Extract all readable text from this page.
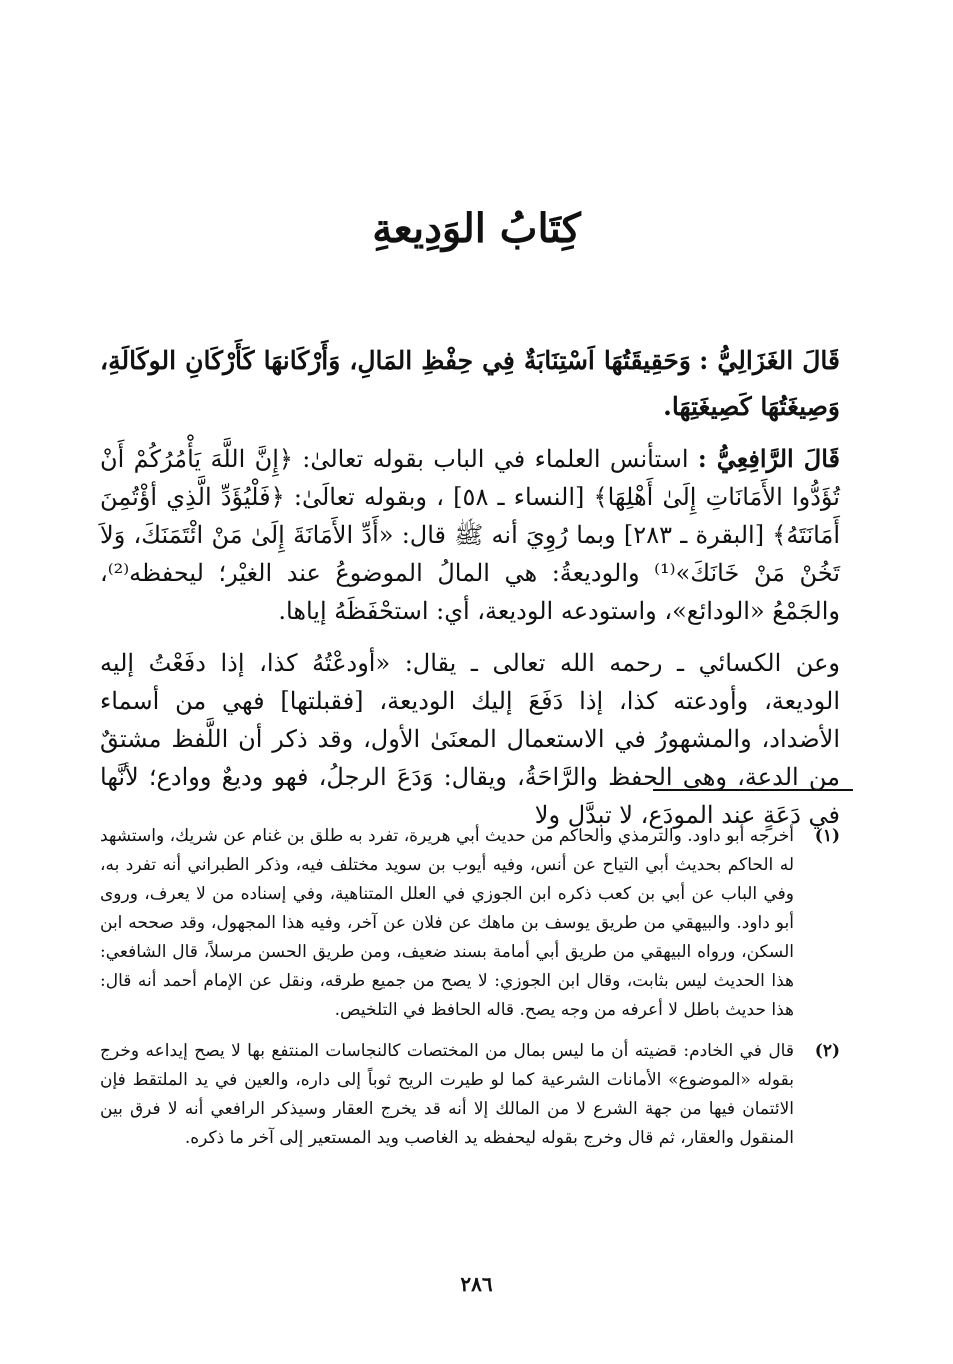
كِتَابُ الوَدِيعةِ

قَالَ الغَزَالِيُّ : وَحَقِيقَتُهَا اَسْتِنَابَةٌ فِي حِفْظِ المَالِ، وَأَرْكَانهَا كَأَرْكَانِ الوكَالَةِ، وَصِيغَتُهَا كَصِيغَتِهَا.

قَالَ الرَّافِعِيُّ : استأنس العلماء في الباب بقوله تعالىٰ: ﴿إِنَّ اللَّهَ يَأْمُرُكُمْ أَنْ تُؤَدُّوا الأَمَانَاتِ إِلَىٰ أَهْلِهَا﴾ [النساء ـ ٥٨] ، وبقوله تعالَىٰ: ﴿فَلْيُؤَدِّ الَّذِي أؤْتُمِنَ أَمَانَتَهُ﴾ [البقرة ـ ٢٨٣] وبما رُوِيَ أنه ﷺ قال: «أَدِّ الأَمَانَةَ إِلَىٰ مَنْ ائْتَمَنَكَ، وَلاَ تَخُنْ مَنْ خَانَكَ»⁽¹⁾ والوديعةُ: هي المالُ الموضوعُ عند الغيْر؛ ليحفظه⁽²⁾، والجَمْعُ «الودائع»، واستودعه الوديعة، أي: استحْفَظَهُ إياها.

وعن الكسائي ـ رحمه الله تعالى ـ يقال: «أودعْتُهُ كذا، إذا دفَعْتُ إليه الوديعة، وأودعته كذا، إذا دَفَعَ إليك الوديعة، [فقبلتها] فهي من أسماء الأضداد، والمشهورُ في الاستعمال المعنَىٰ الأول، وقد ذكر أن اللَّفظ مشتقٌ من الدعة، وهي الحفظ والرَّاحَةُ، ويقال: وَدَعَ الرجلُ، فهو وديعٌ ووادع؛ لأنَّها في دَعَةٍ عند المودَع، لا تبدَّل ولا

(١)
أخرجه أبو داود. والترمذي والحاكم من حديث أبي هريرة، تفرد به طلق بن غنام عن شريك، واستشهد له الحاكم بحديث أبي التياح عن أنس، وفيه أيوب بن سويد مختلف فيه، وذكر الطبراني أنه تفرد به، وفي الباب عن أبي بن كعب ذكره ابن الجوزي في العلل المتناهية، وفي إسناده من لا يعرف، وروى أبو داود. والبيهقي من طريق يوسف بن ماهك عن فلان عن آخر، وفيه هذا المجهول، وقد صححه ابن السكن، ورواه البيهقي من طريق أبي أمامة بسند ضعيف، ومن طريق الحسن مرسلاً، قال الشافعي: هذا الحديث ليس بثابت، وقال ابن الجوزي: لا يصح من جميع طرقه، ونقل عن الإمام أحمد أنه قال: هذا حديث باطل لا أعرفه من وجه يصح. قاله الحافظ في التلخيص.
(٢)
قال في الخادم: قضيته أن ما ليس بمال من المختصات كالنجاسات المنتفع بها لا يصح إيداعه وخرج بقوله «الموضوع» الأمانات الشرعية كما لو طيرت الريح ثوباً إلى داره، والعين في يد الملتقط فإن الائتمان فيها من جهة الشرع لا من المالك إلا أنه قد يخرج العقار وسيذكر الرافعي أنه لا فرق بين المنقول والعقار، ثم قال وخرج بقوله ليحفظه يد الغاصب ويد المستعير إلى آخر ما ذكره.
٢٨٦
